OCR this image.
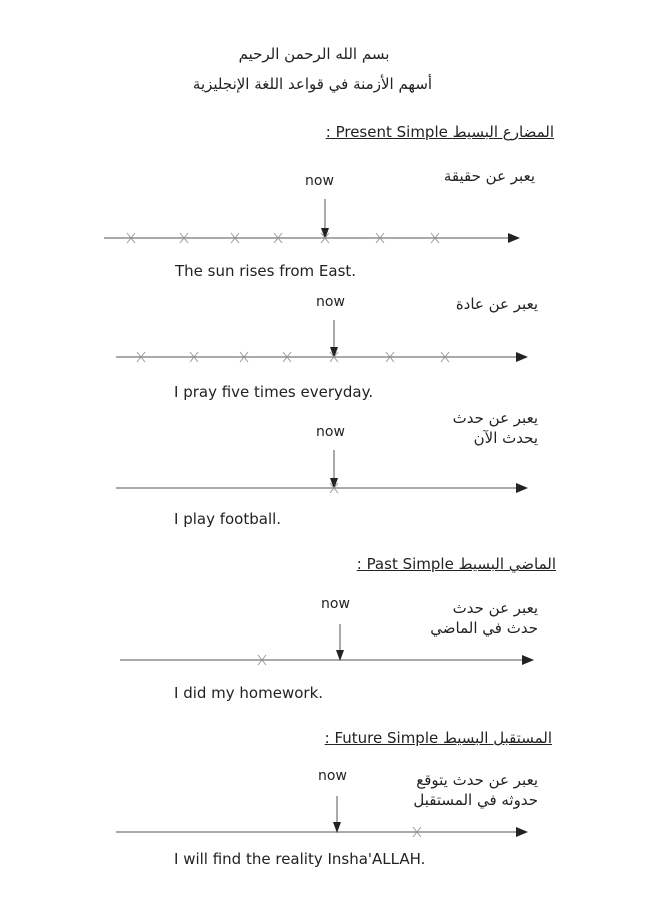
بسم الله الرحمن الرحيم
أسهم الأزمنة في قواعد اللغة الإنجليزية
المضارع البسيط Present Simple :
now	يعبر عن حقيقة
The sun rises from East.
now	يعبر عن عادة
I pray five times everyday.
now
يعبر عن حدث
يحدث الآن
I play football.
الماضي البسيط Past Simple :
now	يعبر عن حدث
حدث في الماضي
I did my homework.
المستقبل البسيط Future Simple :
now	يعبر عن حدث يتوقع
حدوثه في المستقبل
I will find the reality Insha'ALLAH.
